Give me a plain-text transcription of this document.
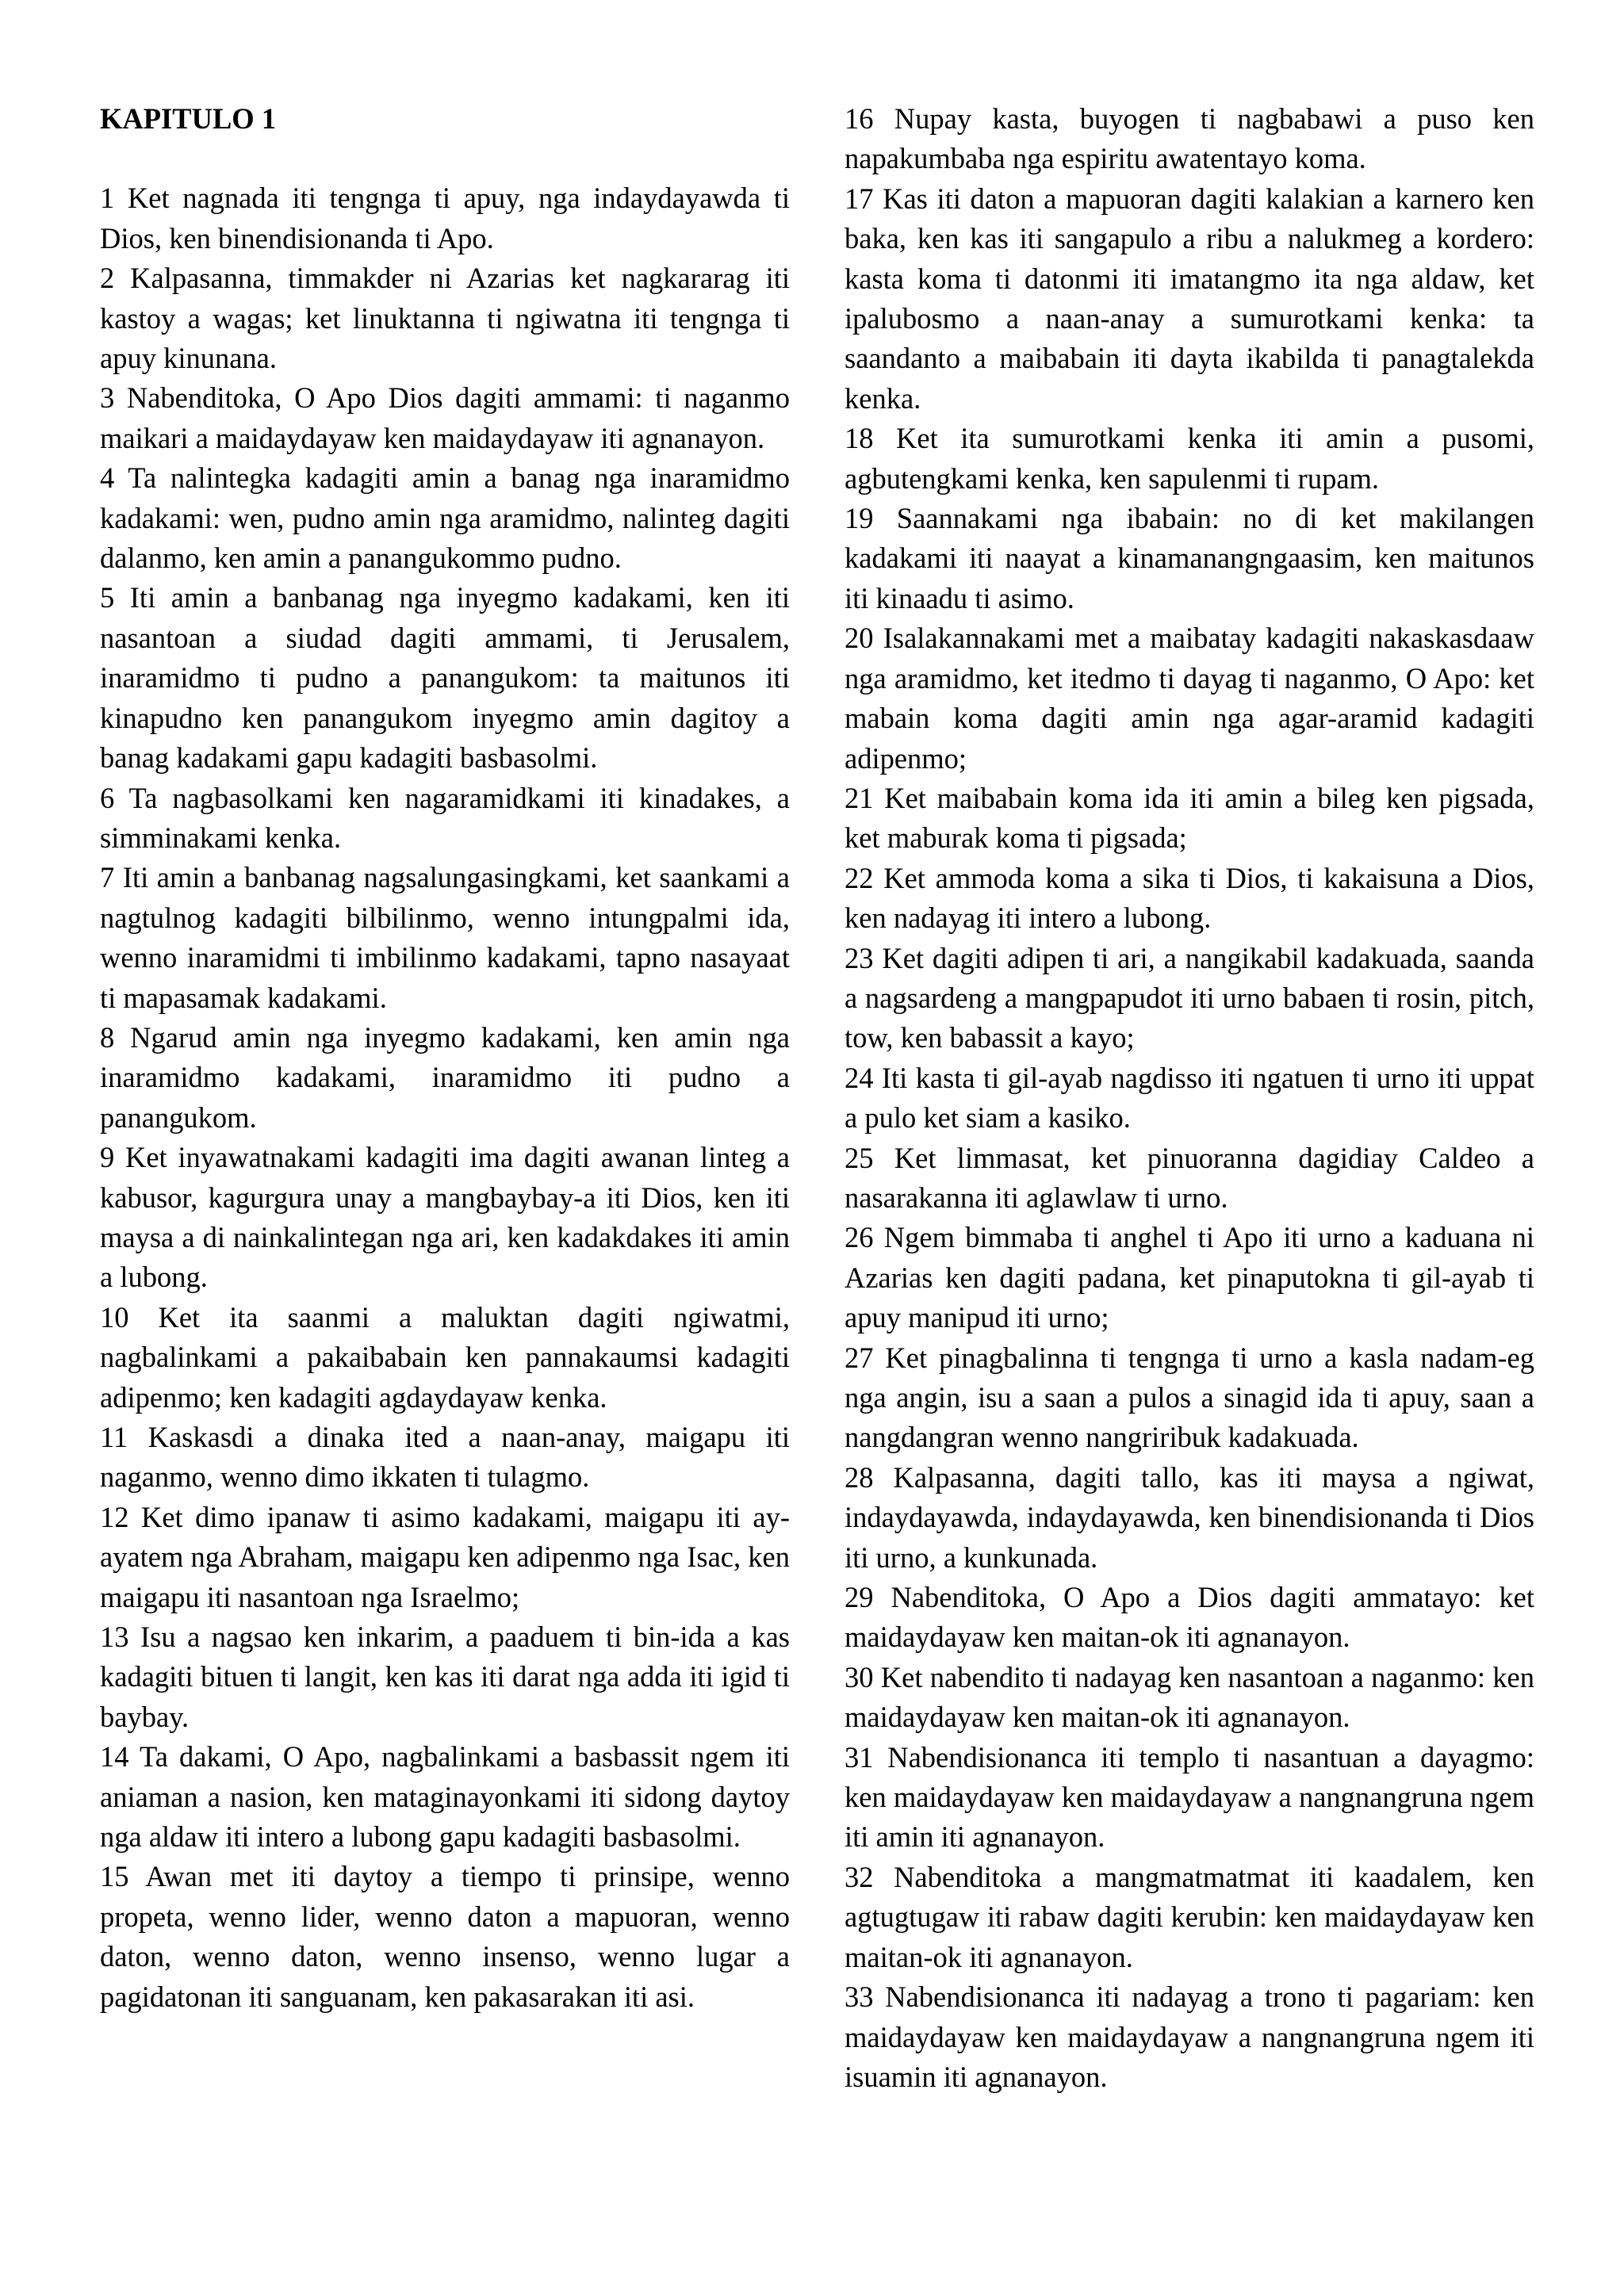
KAPITULO 1

1 Ket nagnada iti tengnga ti apuy, nga indaydayawda ti Dios, ken binendisionanda ti Apo.

2 Kalpasanna, timmakder ni Azarias ket nagkararag iti kastoy a wagas; ket linuktanna ti ngiwatna iti tengnga ti apuy kinunana.

3 Nabenditoka, O Apo Dios dagiti ammami: ti naganmo maikari a maidaydayaw ken maidaydayaw iti agnanayon.

4 Ta nalintegka kadagiti amin a banag nga inaramidmo kadakami: wen, pudno amin nga aramidmo, nalinteg dagiti dalanmo, ken amin a panangukommo pudno.

5 Iti amin a banbanag nga inyegmo kadakami, ken iti nasantoan a siudad dagiti ammami, ti Jerusalem, inaramidmo ti pudno a panangukom: ta maitunos iti kinapudno ken panangukom inyegmo amin dagitoy a banag kadakami gapu kadagiti basbasolmi.

6 Ta nagbasolkami ken nagaramidkami iti kinadakes, a simminakami kenka.

7 Iti amin a banbanag nagsalungasingkami, ket saankami a nagtulnog kadagiti bilbilinmo, wenno intungpalmi ida, wenno inaramidmi ti imbilinmo kadakami, tapno nasayaat ti mapasamak kadakami.

8 Ngarud amin nga inyegmo kadakami, ken amin nga inaramidmo kadakami, inaramidmo iti pudno a panangukom.

9 Ket inyawatnakami kadagiti ima dagiti awanan linteg a kabusor, kagurgura unay a mangbaybay-a iti Dios, ken iti maysa a di nainkalintegan nga ari, ken kadakdakes iti amin a lubong.

10 Ket ita saanmi a maluktan dagiti ngiwatmi, nagbalinkami a pakaibabain ken pannakaumsi kadagiti adipenmo; ken kadagiti agdaydayaw kenka.

11 Kaskasdi a dinaka ited a naan-anay, maigapu iti naganmo, wenno dimo ikkaten ti tulagmo.

12 Ket dimo ipanaw ti asimo kadakami, maigapu iti ay-ayatem nga Abraham, maigapu ken adipenmo nga Isac, ken maigapu iti nasantoan nga Israelmo;

13 Isu a nagsao ken inkarim, a paaduem ti bin-ida a kas kadagiti bituen ti langit, ken kas iti darat nga adda iti igid ti baybay.

14 Ta dakami, O Apo, nagbalinkami a basbassit ngem iti aniaman a nasion, ken mataginayonkami iti sidong daytoy nga aldaw iti intero a lubong gapu kadagiti basbasolmi.

15 Awan met iti daytoy a tiempo ti prinsipe, wenno propeta, wenno lider, wenno daton a mapuoran, wenno daton, wenno daton, wenno insenso, wenno lugar a pagidatonan iti sanguanam, ken pakasarakan iti asi.

16 Nupay kasta, buyogen ti nagbabawi a puso ken napakumbaba nga espiritu awatentayo koma.

17 Kas iti daton a mapuoran dagiti kalakian a karnero ken baka, ken kas iti sangapulo a ribu a nalukmeg a kordero: kasta koma ti datonmi iti imatangmo ita nga aldaw, ket ipalubosmo a naan-anay a sumurotkami kenka: ta saandanto a maibabain iti dayta ikabilda ti panagtalekda kenka.

18 Ket ita sumurotkami kenka iti amin a pusomi, agbutengkami kenka, ken sapulenmi ti rupam.

19 Saannakami nga ibabain: no di ket makilangen kadakami iti naayat a kinamanangngaasim, ken maitunos iti kinaadu ti asimo.

20 Isalakannakami met a maibatay kadagiti nakaskasdaaw nga aramidmo, ket itedmo ti dayag ti naganmo, O Apo: ket mabain koma dagiti amin nga agar-aramid kadagiti adipenmo;

21 Ket maibabain koma ida iti amin a bileg ken pigsada, ket maburak koma ti pigsada;

22 Ket ammoda koma a sika ti Dios, ti kakaisuna a Dios, ken nadayag iti intero a lubong.

23 Ket dagiti adipen ti ari, a nangikabil kadakuada, saanda a nagsardeng a mangpapudot iti urno babaen ti rosin, pitch, tow, ken babassit a kayo;

24 Iti kasta ti gil-ayab nagdisso iti ngatuen ti urno iti uppat a pulo ket siam a kasiko.

25 Ket limmasat, ket pinuoranna dagidiay Caldeo a nasarakanna iti aglawlaw ti urno.

26 Ngem bimmaba ti anghel ti Apo iti urno a kaduana ni Azarias ken dagiti padana, ket pinaputokna ti gil-ayab ti apuy manipud iti urno;

27 Ket pinagbalinna ti tengnga ti urno a kasla nadam-eg nga angin, isu a saan a pulos a sinagid ida ti apuy, saan a nangdangran wenno nangriribuk kadakuada.

28 Kalpasanna, dagiti tallo, kas iti maysa a ngiwat, indaydayawda, indaydayawda, ken binendisionanda ti Dios iti urno, a kunkunada.

29 Nabenditoka, O Apo a Dios dagiti ammatayo: ket maidaydayaw ken maitan-ok iti agnanayon.

30 Ket nabendito ti nadayag ken nasantoan a naganmo: ken maidaydayaw ken maitan-ok iti agnanayon.

31 Nabendisionanca iti templo ti nasantuan a dayagmo: ken maidaydayaw ken maidaydayaw a nangnangruna ngem iti amin iti agnanayon.

32 Nabenditoka a mangmatmatmat iti kaadalem, ken agtugtugaw iti rabaw dagiti kerubin: ken maidaydayaw ken maitan-ok iti agnanayon.

33 Nabendisionanca iti nadayag a trono ti pagariam: ken maidaydayaw ken maidaydayaw a nangnangruna ngem iti isuamin iti agnanayon.
